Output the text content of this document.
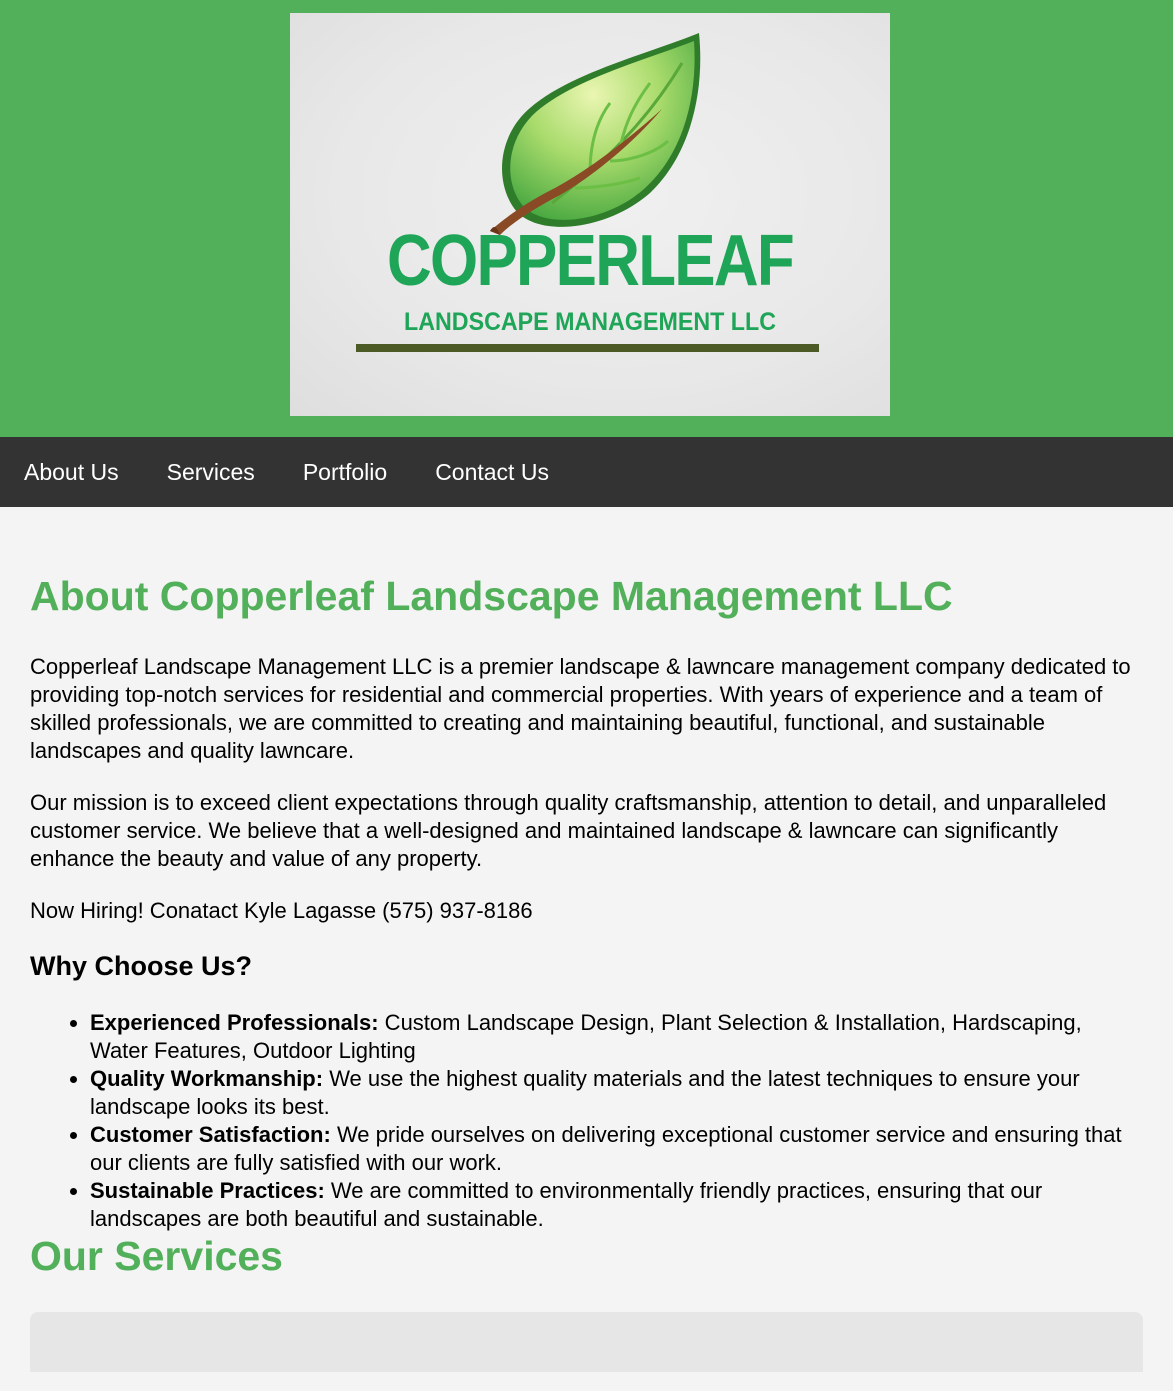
COPPERLEAF
LANDSCAPE MANAGEMENT LLC
About Us Services Portfolio Contact Us
About Copperleaf Landscape Management LLC

Copperleaf Landscape Management LLC is a premier landscape & lawncare management company dedicated to providing top-notch services for residential and commercial properties. With years of experience and a team of skilled professionals, we are committed to creating and maintaining beautiful, functional, and sustainable landscapes and quality lawncare.

Our mission is to exceed client expectations through quality craftsmanship, attention to detail, and unparalleled customer service. We believe that a well-designed and maintained landscape & lawncare can significantly enhance the beauty and value of any property.

Now Hiring! Conatact Kyle Lagasse (575) 937-8186

Why Choose Us?
• Experienced Professionals: Custom Landscape Design, Plant Selection & Installation, Hardscaping, Water Features, Outdoor Lighting
• Quality Workmanship: We use the highest quality materials and the latest techniques to ensure your landscape looks its best.
• Customer Satisfaction: We pride ourselves on delivering exceptional customer service and ensuring that our clients are fully satisfied with our work.
• Sustainable Practices: We are committed to environmentally friendly practices, ensuring that our landscapes are both beautiful and sustainable.
Our Services
